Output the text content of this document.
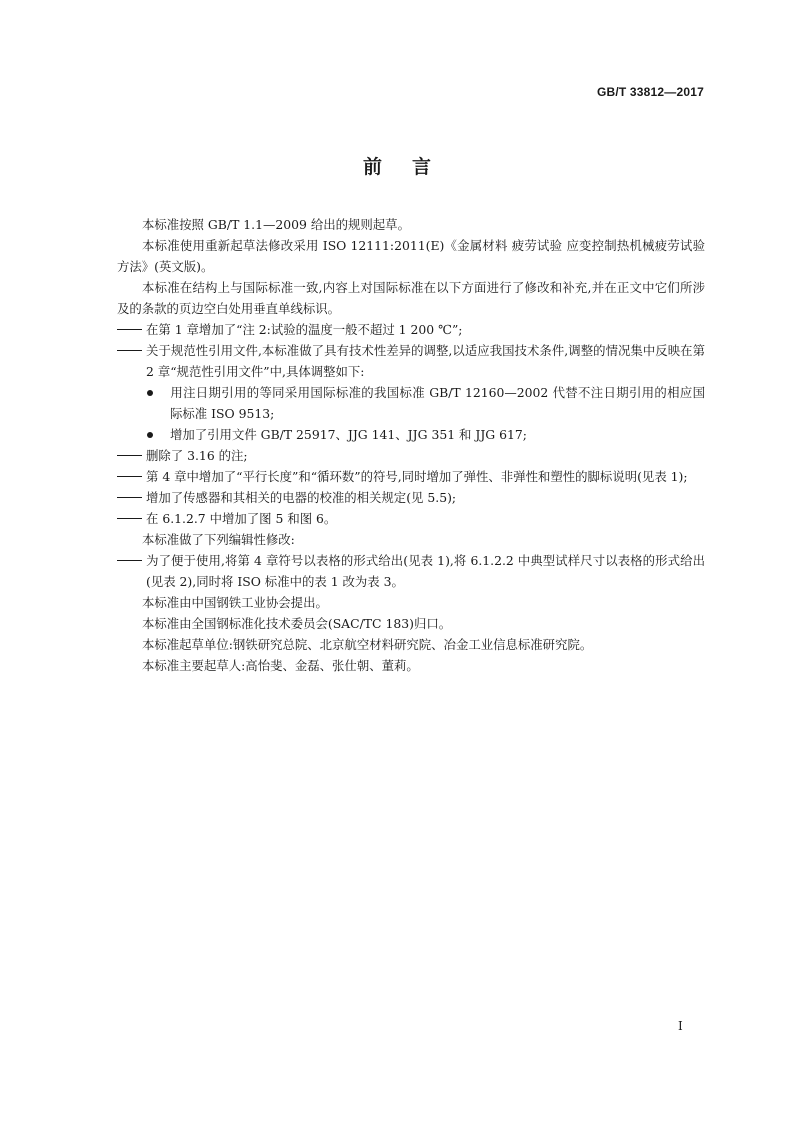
GB/T 33812—2017
前言

本标准按照 GB/T 1.1—2009 给出的规则起草。

本标准使用重新起草法修改采用 ISO 12111:2011(E)《金属材料 疲劳试验 应变控制热机械疲劳试验方法》(英文版)。

本标准在结构上与国际标准一致,内容上对国际标准在以下方面进行了修改和补充,并在正文中它们所涉及的条款的页边空白处用垂直单线标识。

在第 1 章增加了“注 2:试验的温度一般不超过 1 200 ℃”;

关于规范性引用文件,本标准做了具有技术性差异的调整,以适应我国技术条件,调整的情况集中反映在第 2 章“规范性引用文件”中,具体调整如下:

用注日期引用的等同采用国际标准的我国标准 GB/T 12160—2002 代替不注日期引用的相应国际标准 ISO 9513;

增加了引用文件 GB/T 25917、JJG 141、JJG 351 和 JJG 617;

删除了 3.16 的注;

第 4 章中增加了“平行长度”和“循环数”的符号,同时增加了弹性、非弹性和塑性的脚标说明(见表 1);

增加了传感器和其相关的电器的校准的相关规定(见 5.5);

在 6.1.2.7 中增加了图 5 和图 6。

本标准做了下列编辑性修改:

为了便于使用,将第 4 章符号以表格的形式给出(见表 1),将 6.1.2.2 中典型试样尺寸以表格的形式给出(见表 2),同时将 ISO 标准中的表 1 改为表 3。

本标准由中国钢铁工业协会提出。

本标准由全国钢标准化技术委员会(SAC/TC 183)归口。

本标准起草单位:钢铁研究总院、北京航空材料研究院、冶金工业信息标准研究院。

本标准主要起草人:高怡斐、金磊、张仕朝、董莉。

I
